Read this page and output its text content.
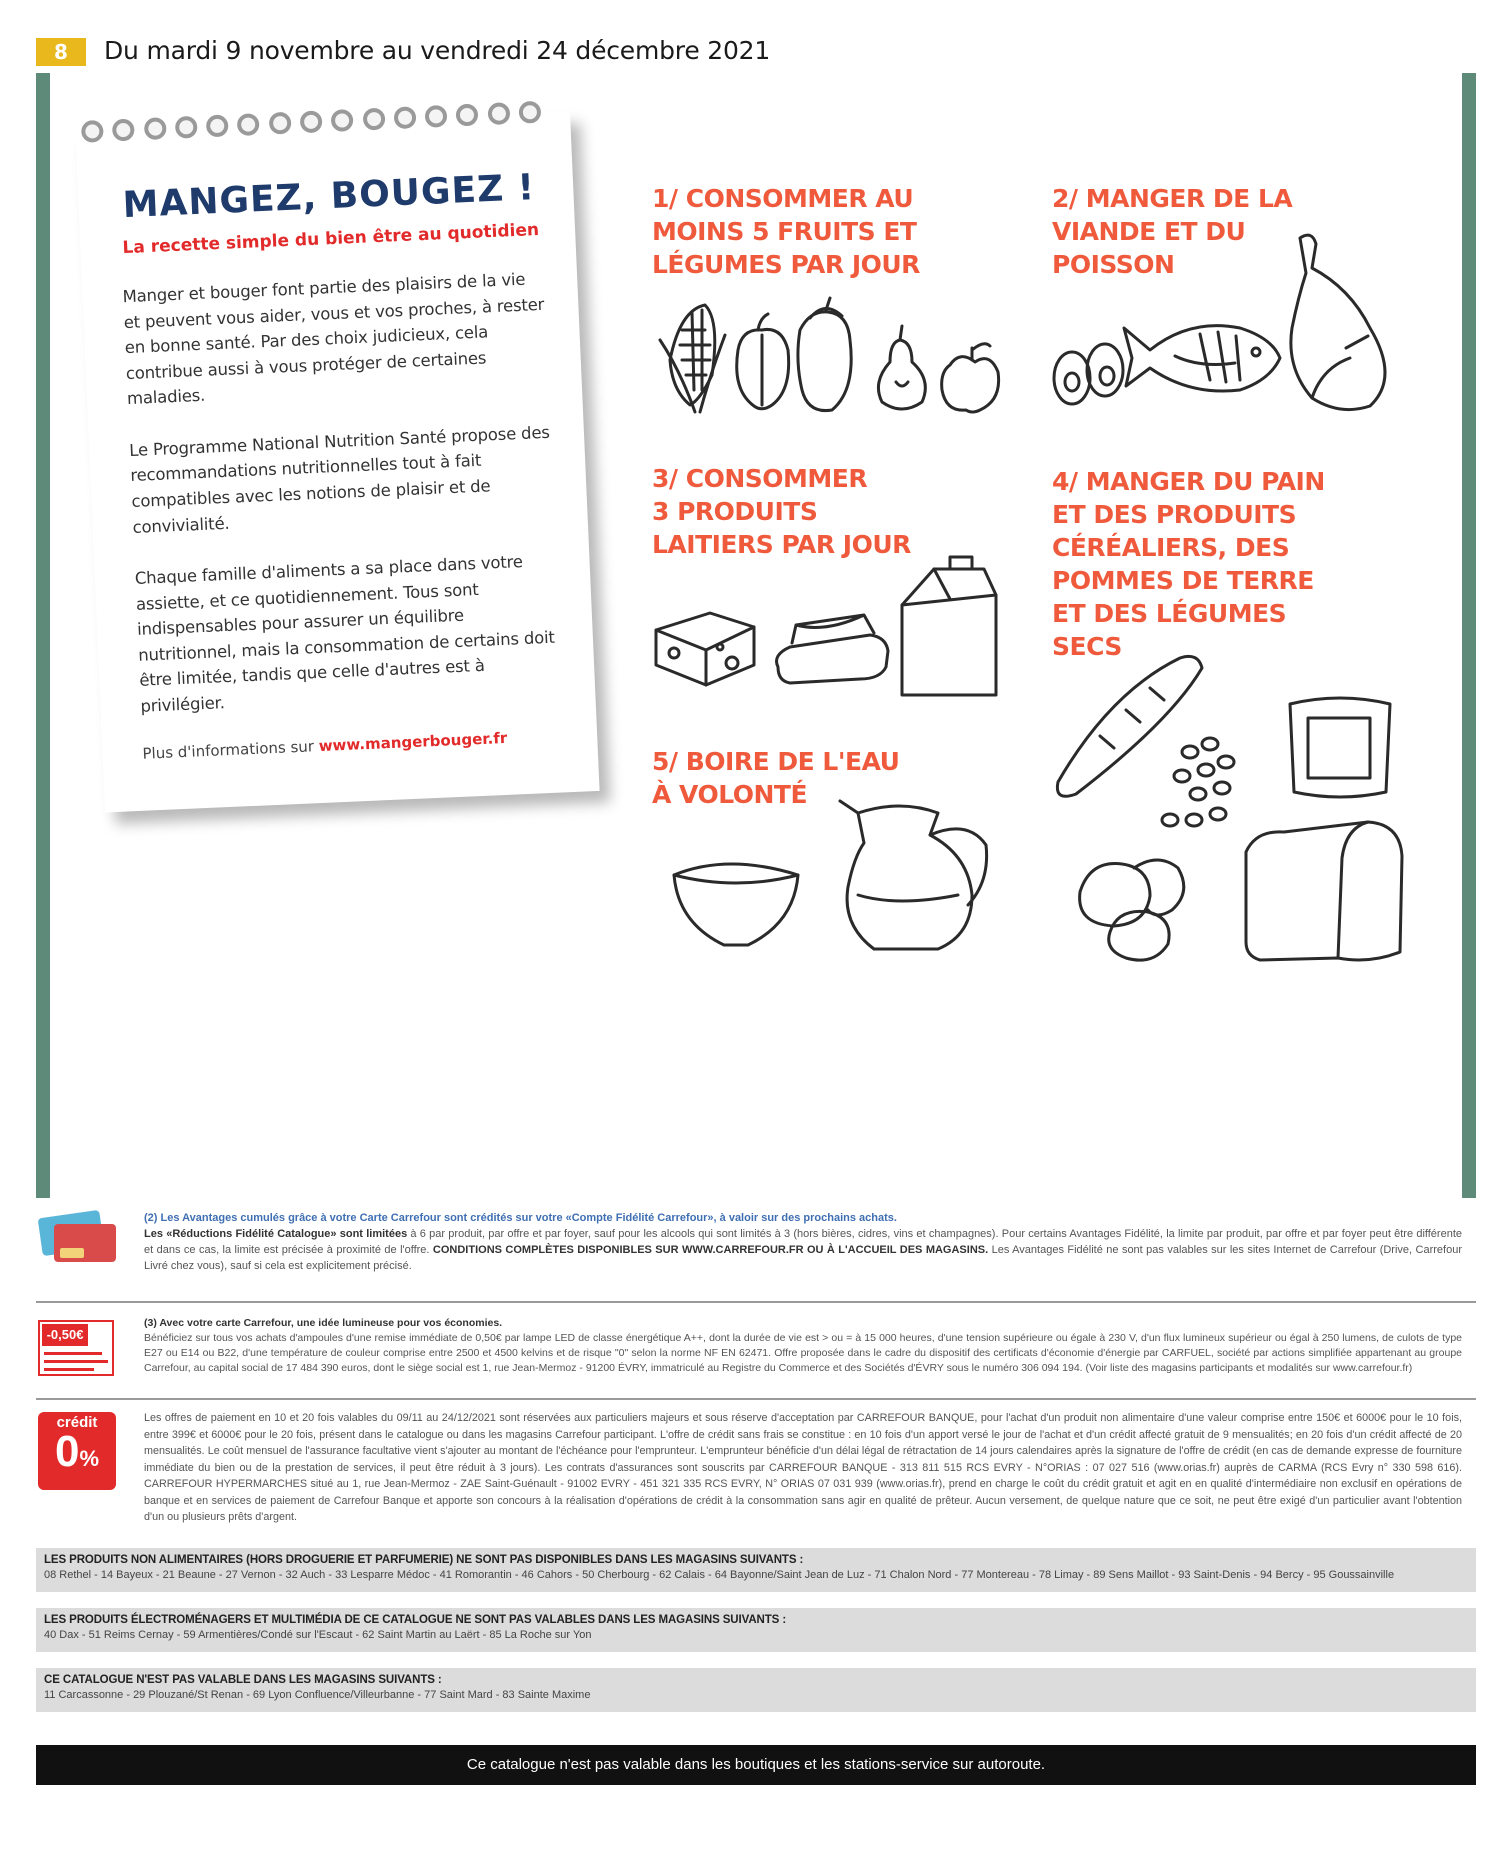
8	Du mardi 9 novembre au vendredi 24 décembre 2021
MANGEZ, BOUGEZ !
La recette simple du bien être au quotidien

Manger et bouger font partie des plaisirs de la vie et peuvent vous aider, vous et vos proches, à rester en bonne santé. Par des choix judicieux, cela contribue aussi à vous protéger de certaines maladies.

Le Programme National Nutrition Santé propose des recommandations nutritionnelles tout à fait compatibles avec les notions de plaisir et de convivialité.

Chaque famille d'aliments a sa place dans votre assiette, et ce quotidiennement. Tous sont indispensables pour assurer un équilibre nutritionnel, mais la consommation de certains doit être limitée, tandis que celle d'autres est à privilégier.

Plus d'informations sur www.mangerbouger.fr

1/ CONSOMMER AU
MOINS 5 FRUITS ET
LÉGUMES PAR JOUR
2/ MANGER DE LA
VIANDE ET DU
POISSON
3/ CONSOMMER
3 PRODUITS
LAITIERS PAR JOUR
4/ MANGER DU PAIN
ET DES PRODUITS
CÉRÉALIERS, DES
POMMES DE TERRE
ET DES LÉGUMES
SECS
5/ BOIRE DE L'EAU
À VOLONTÉ
(2) Les Avantages cumulés grâce à votre Carte Carrefour sont crédités sur votre «Compte Fidélité Carrefour», à valoir sur des prochains achats.
Les «Réductions Fidélité Catalogue» sont limitées à 6 par produit, par offre et par foyer, sauf pour les alcools qui sont limités à 3 (hors bières, cidres, vins et champagnes). Pour certains Avantages Fidélité, la limite par produit, par offre et par foyer peut être différente et dans ce cas, la limite est précisée à proximité de l'offre. CONDITIONS COMPLÈTES DISPONIBLES SUR WWW.CARREFOUR.FR OU À L'ACCUEIL DES MAGASINS. Les Avantages Fidélité ne sont pas valables sur les sites Internet de Carrefour (Drive, Carrefour Livré chez vous), sauf si cela est explicitement précisé.
-0,50€
(3) Avec votre carte Carrefour, une idée lumineuse pour vos économies.
Bénéficiez sur tous vos achats d'ampoules d'une remise immédiate de 0,50€ par lampe LED de classe énergétique A++, dont la durée de vie est > ou = à 15 000 heures, d'une tension supérieure ou égale à 230 V, d'un flux lumineux supérieur ou égal à 250 lumens, de culots de type E27 ou E14 ou B22, d'une température de couleur comprise entre 2500 et 4500 kelvins et de risque "0" selon la norme NF EN 62471. Offre proposée dans le cadre du dispositif des certificats d'économie d'énergie par CARFUEL, société par actions simplifiée appartenant au groupe Carrefour, au capital social de 17 484 390 euros, dont le siège social est 1, rue Jean-Mermoz - 91200 ÉVRY, immatriculé au Registre du Commerce et des Sociétés d'ÉVRY sous le numéro 306 094 194. (Voir liste des magasins participants et modalités sur www.carrefour.fr)
crédit
0%
Les offres de paiement en 10 et 20 fois valables du 09/11 au 24/12/2021 sont réservées aux particuliers majeurs et sous réserve d'acceptation par CARREFOUR BANQUE, pour l'achat d'un produit non alimentaire d'une valeur comprise entre 150€ et 6000€ pour le 10 fois, entre 399€ et 6000€ pour le 20 fois, présent dans le catalogue ou dans les magasins Carrefour participant. L'offre de crédit sans frais se constitue : en 10 fois d'un apport versé le jour de l'achat et d'un crédit affecté gratuit de 9 mensualités; en 20 fois d'un crédit affecté de 20 mensualités. Le coût mensuel de l'assurance facultative vient s'ajouter au montant de l'échéance pour l'emprunteur. L'emprunteur bénéficie d'un délai légal de rétractation de 14 jours calendaires après la signature de l'offre de crédit (en cas de demande expresse de fourniture immédiate du bien ou de la prestation de services, il peut être réduit à 3 jours). Les contrats d'assurances sont souscrits par CARREFOUR BANQUE - 313 811 515 RCS EVRY - N°ORIAS : 07 027 516 (www.orias.fr) auprès de CARMA (RCS Evry n° 330 598 616). CARREFOUR HYPERMARCHES situé au 1, rue Jean-Mermoz - ZAE Saint-Guénault - 91002 EVRY - 451 321 335 RCS EVRY, N° ORIAS 07 031 939 (www.orias.fr), prend en charge le coût du crédit gratuit et agit en en qualité d'intermédiaire non exclusif en opérations de banque et en services de paiement de Carrefour Banque et apporte son concours à la réalisation d'opérations de crédit à la consommation sans agir en qualité de prêteur. Aucun versement, de quelque nature que ce soit, ne peut être exigé d'un particulier avant l'obtention d'un ou plusieurs prêts d'argent.
LES PRODUITS NON ALIMENTAIRES (HORS DROGUERIE ET PARFUMERIE) NE SONT PAS DISPONIBLES DANS LES MAGASINS SUIVANTS :
08 Rethel - 14 Bayeux - 21 Beaune - 27 Vernon - 32 Auch - 33 Lesparre Médoc - 41 Romorantin - 46 Cahors - 50 Cherbourg - 62 Calais - 64 Bayonne/Saint Jean de Luz - 71 Chalon Nord - 77 Montereau - 78 Limay - 89 Sens Maillot - 93 Saint-Denis - 94 Bercy - 95 Goussainville
LES PRODUITS ÉLECTROMÉNAGERS ET MULTIMÉDIA DE CE CATALOGUE NE SONT PAS VALABLES DANS LES MAGASINS SUIVANTS :
40 Dax - 51 Reims Cernay - 59 Armentières/Condé sur l'Escaut - 62 Saint Martin au Laërt - 85 La Roche sur Yon
CE CATALOGUE N'EST PAS VALABLE DANS LES MAGASINS SUIVANTS :
11 Carcassonne - 29 Plouzané/St Renan - 69 Lyon Confluence/Villeurbanne - 77 Saint Mard - 83 Sainte Maxime
Ce catalogue n'est pas valable dans les boutiques et les stations-service sur autoroute.
